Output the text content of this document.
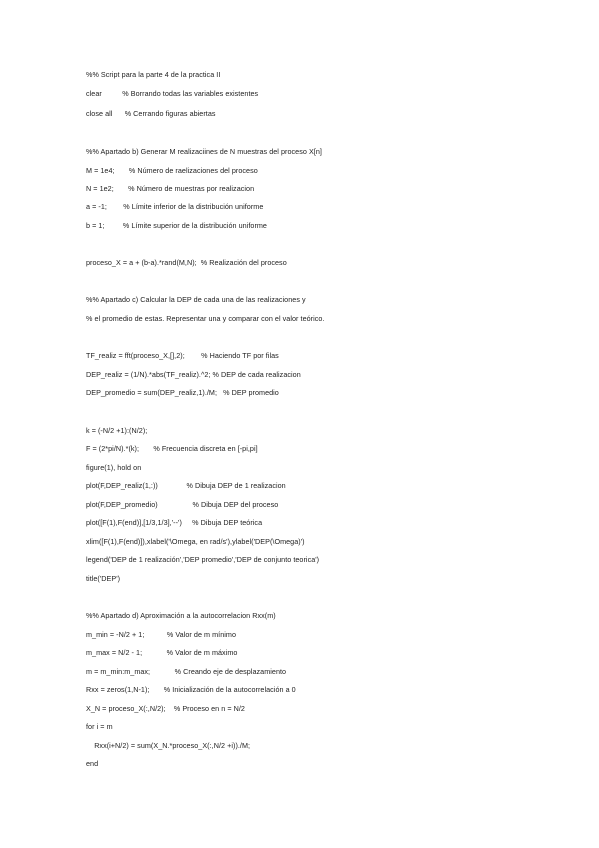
%% Script para la parte 4 de la practica II
clear          % Borrando todas las variables existentes
close all      % Cerrando figuras abiertas
%% Apartado b) Generar M realizaciines de N muestras del proceso X[n]
M = 1e4;       % Número de raelizaciones del proceso
N = 1e2;       % Número de muestras por realizacion
a = -1;        % Límite inferior de la distribución uniforme
b = 1;         % Límite superior de la distribución uniforme
proceso_X = a + (b-a).*rand(M,N);  % Realización del proceso
%% Apartado c) Calcular la DEP de cada una de las realizaciones y
% el promedio de estas. Representar una y comparar con el valor teórico.
TF_realiz = fft(proceso_X,[],2);        % Haciendo TF por filas
DEP_realiz = (1/N).*abs(TF_realiz).^2; % DEP de cada realizacion
DEP_promedio = sum(DEP_realiz,1)./M;   % DEP promedio
k = (-N/2 +1):(N/2);
F = (2*pi/N).*(k);       % Frecuencia discreta en [-pi,pi]
figure(1), hold on
plot(F,DEP_realiz(1,:))              % Dibuja DEP de 1 realizacion
plot(F,DEP_promedio)                 % Dibuja DEP del proceso
plot([F(1),F(end)],[1/3,1/3],'--')     % Dibuja DEP teórica
xlim([F(1),F(end)]),xlabel('\Omega, en rad/s'),ylabel('DEP(\Omega)')
legend('DEP de 1 realización','DEP promedio','DEP de conjunto teorica')
title('DEP')
%% Apartado d) Aproximación a la autocorrelacion Rxx(m)
m_min = -N/2 + 1;           % Valor de m mínimo
m_max = N/2 - 1;            % Valor de m máximo
m = m_min:m_max;            % Creando eje de desplazamiento
Rxx = zeros(1,N-1);       % Inicialización de la autocorrelación a 0
X_N = proceso_X(:,N/2);    % Proceso en n = N/2
for i = m
Rxx(i+N/2) = sum(X_N.*proceso_X(:,N/2 +i))./M;
end
